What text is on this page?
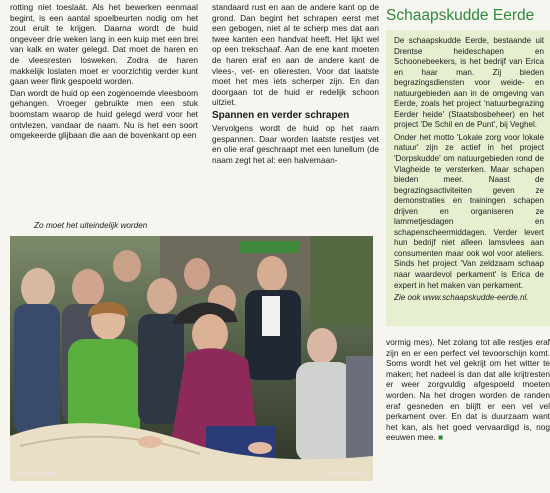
rotting niet toeslaát. Als het bewerken eenmaal begint, is een aantal spoelbeurten nodig om het zout eruit te krijgen. Daarna wordt de huid ongeveer drie weken lang in een kuip met een brei van kalk en water gelegd. Dat moet de haren en de vleesresten losweken. Zodra de haren makkelijk loslaten moet er voorzichtig verder kunt gaan weer flink gespoeld worden.

Dan wordt de huid op een zogenoemde vleesboom gehangen. Vroeger gebruikte men een stuk boomstam waarop de huid gelegd werd voor het ontvlezen, vandaar de naam. Nu is het een soort omgekeerde glijbaan die aan de bovenkant op een

standaard rust en aan de andere kant op de grond. Dan begint het schrapen eerst met een gebogen, niet al te scherp mes dat aan twee kanten een handvat heeft. Het lijkt wel op een trekschaaf. Aan de ene kant moeten de haren eraf en aan de andere kant de vlees-, vet- en olieresten. Voor dat laatste moet het mes iets scherper zijn. En dan doorgaan tot de huid er redelijk schoon uitziet.

Spannen en verder schrapen

Vervolgens wordt de huid op het raam gespannen. Daar worden laatste restjes vet en olie eraf geschraapt met een lunellum (de naam zegt het al: een halvemaan-

Zo moet het uiteindelijk worden
Hans Knulde	Hans Knulde
Schaapskudde Eerde

De schaapskudde Eerde, bestaande uit Drentse heideschapen en Schoonebeekers, is het bedrijf van Erica en haar man. Zij bieden begrazingsdiensten voor weide- en natuurgebieden aan in de omgeving van Eerde, zoals het project 'natuurbegrazing Eerder heide' (Staatsbosbeheer) en het project 'De Schil en de Punt', bij Veghel.

Onder het motto 'Lokale zorg voor lokale natuur' zijn ze actief in het project 'Dorpskudde' om natuurgebieden rond de Vlagheide te versterken. Maar schapen bieden meer. Naast de begrazingsactiviteiten geven ze demonstraties en trainingen schapen drijven en organiseren ze lammetjesdagen en schapenscheermiddagen. Verder levert hun bedrijf niet alleen lamsvlees aan consumenten maar ook wol voor ateliers. Sinds het project 'Van zeldzaam schaap naar waardevol perkament' is Erica de expert in het maken van perkament.

Zie ook www.schaapskudde-eerde.nl.

vormig mes). Net zolang tot alle restjes eraf zijn en er een perfect vel tevoorschijn komt. Soms wordt het vel gekrijt om het witter te maken; het nadeel is dan dat alle krijtresten er weer zorgvuldig afgespoeld moeten worden. Na het drogen worden de randen eraf gesneden en blijft er een vel vel perkament over. En dat is duurzaam want het kan, als het goed vervaardigd is, nog eeuwen mee. ■
